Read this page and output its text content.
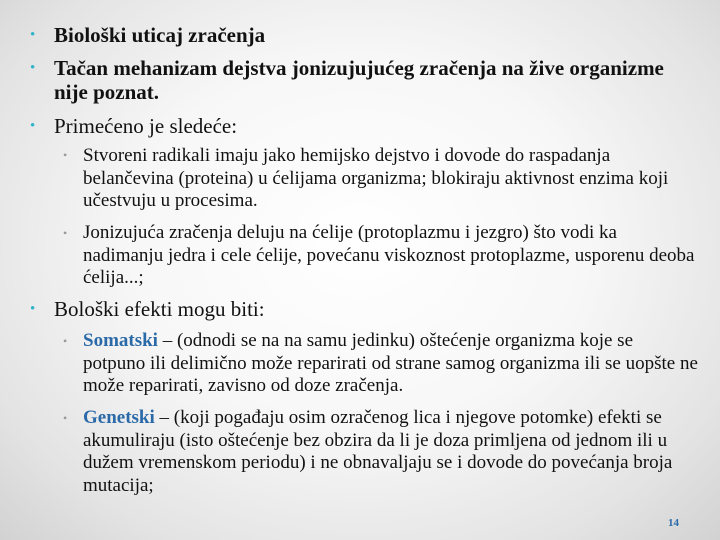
• Biološki uticaj zračenja
• Tačan mehanizam dejstva jonizujujućeg zračenja na žive organizme nije poznat.
• Primećeno je sledeće:
• Stvoreni radikali imaju jako hemijsko dejstvo i dovode do raspadanja belančevina (proteina) u ćelijama organizma; blokiraju aktivnost enzima koji učestvuju u procesima.
• Jonizujuća zračenja deluju na ćelije (protoplazmu i jezgro) što vodi ka nadimanju jedra i cele ćelije, povećanu viskoznost protoplazme, usporenu deoba ćelija...;
• Bološki efekti mogu biti:
• Somatski – (odnodi se na na samu jedinku) oštećenje organizma koje se potpuno ili delimično može reparirati od strane samog organizma ili se uopšte ne može reparirati, zavisno od doze zračenja.
• Genetski – (koji pogađaju osim ozračenog lica i njegove potomke) efekti se akumuliraju (isto oštećenje bez obzira da li je doza primljena od jednom ili u dužem vremenskom periodu) i ne obnavaljaju se i dovode do povećanja broja mutacija;
14
